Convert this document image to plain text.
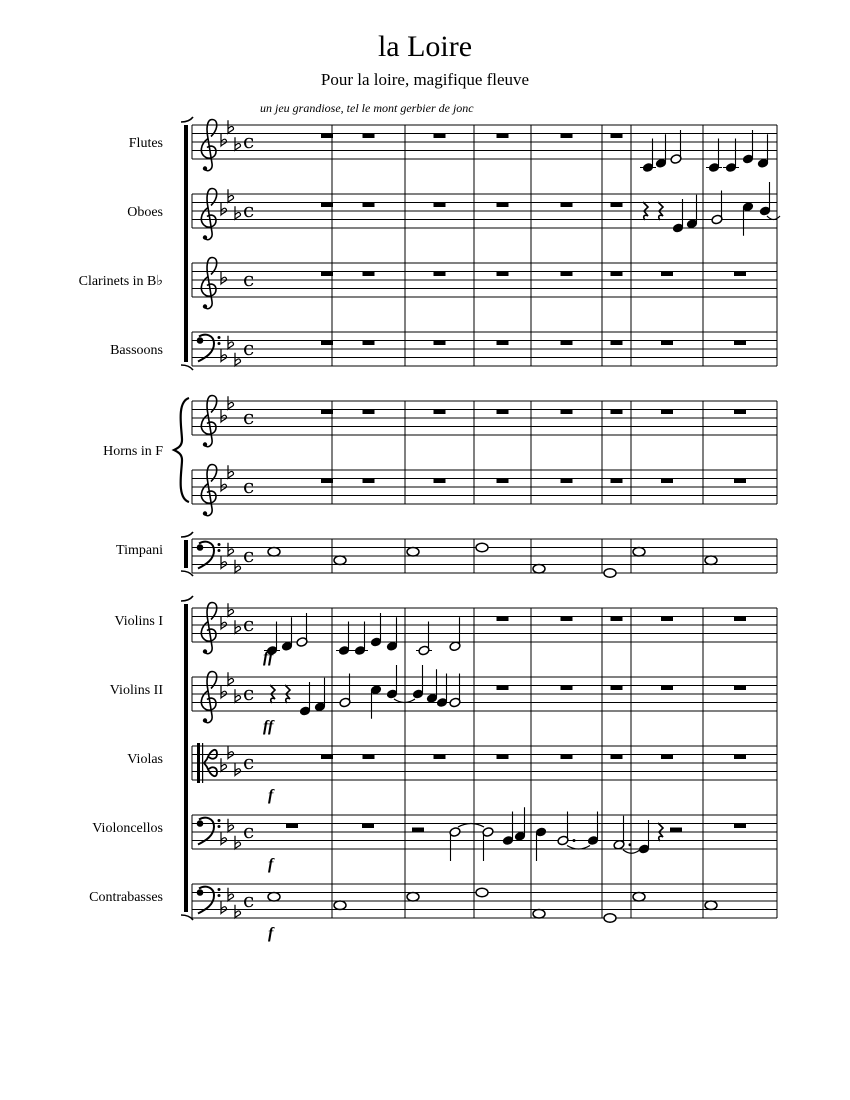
la Loire
Pour la loire, magifique fleuve
un jeu grandiose, tel le mont gerbier de jonc
Flutes
Oboes
Clarinets in B♭
Bassoons
Horns in F
Timpani
Violins I
Violins II
Violas
Violoncellos
Contrabasses
c
c
c
c
c
c
c
c
c
c
c
c
ff
ff
f
f
f
